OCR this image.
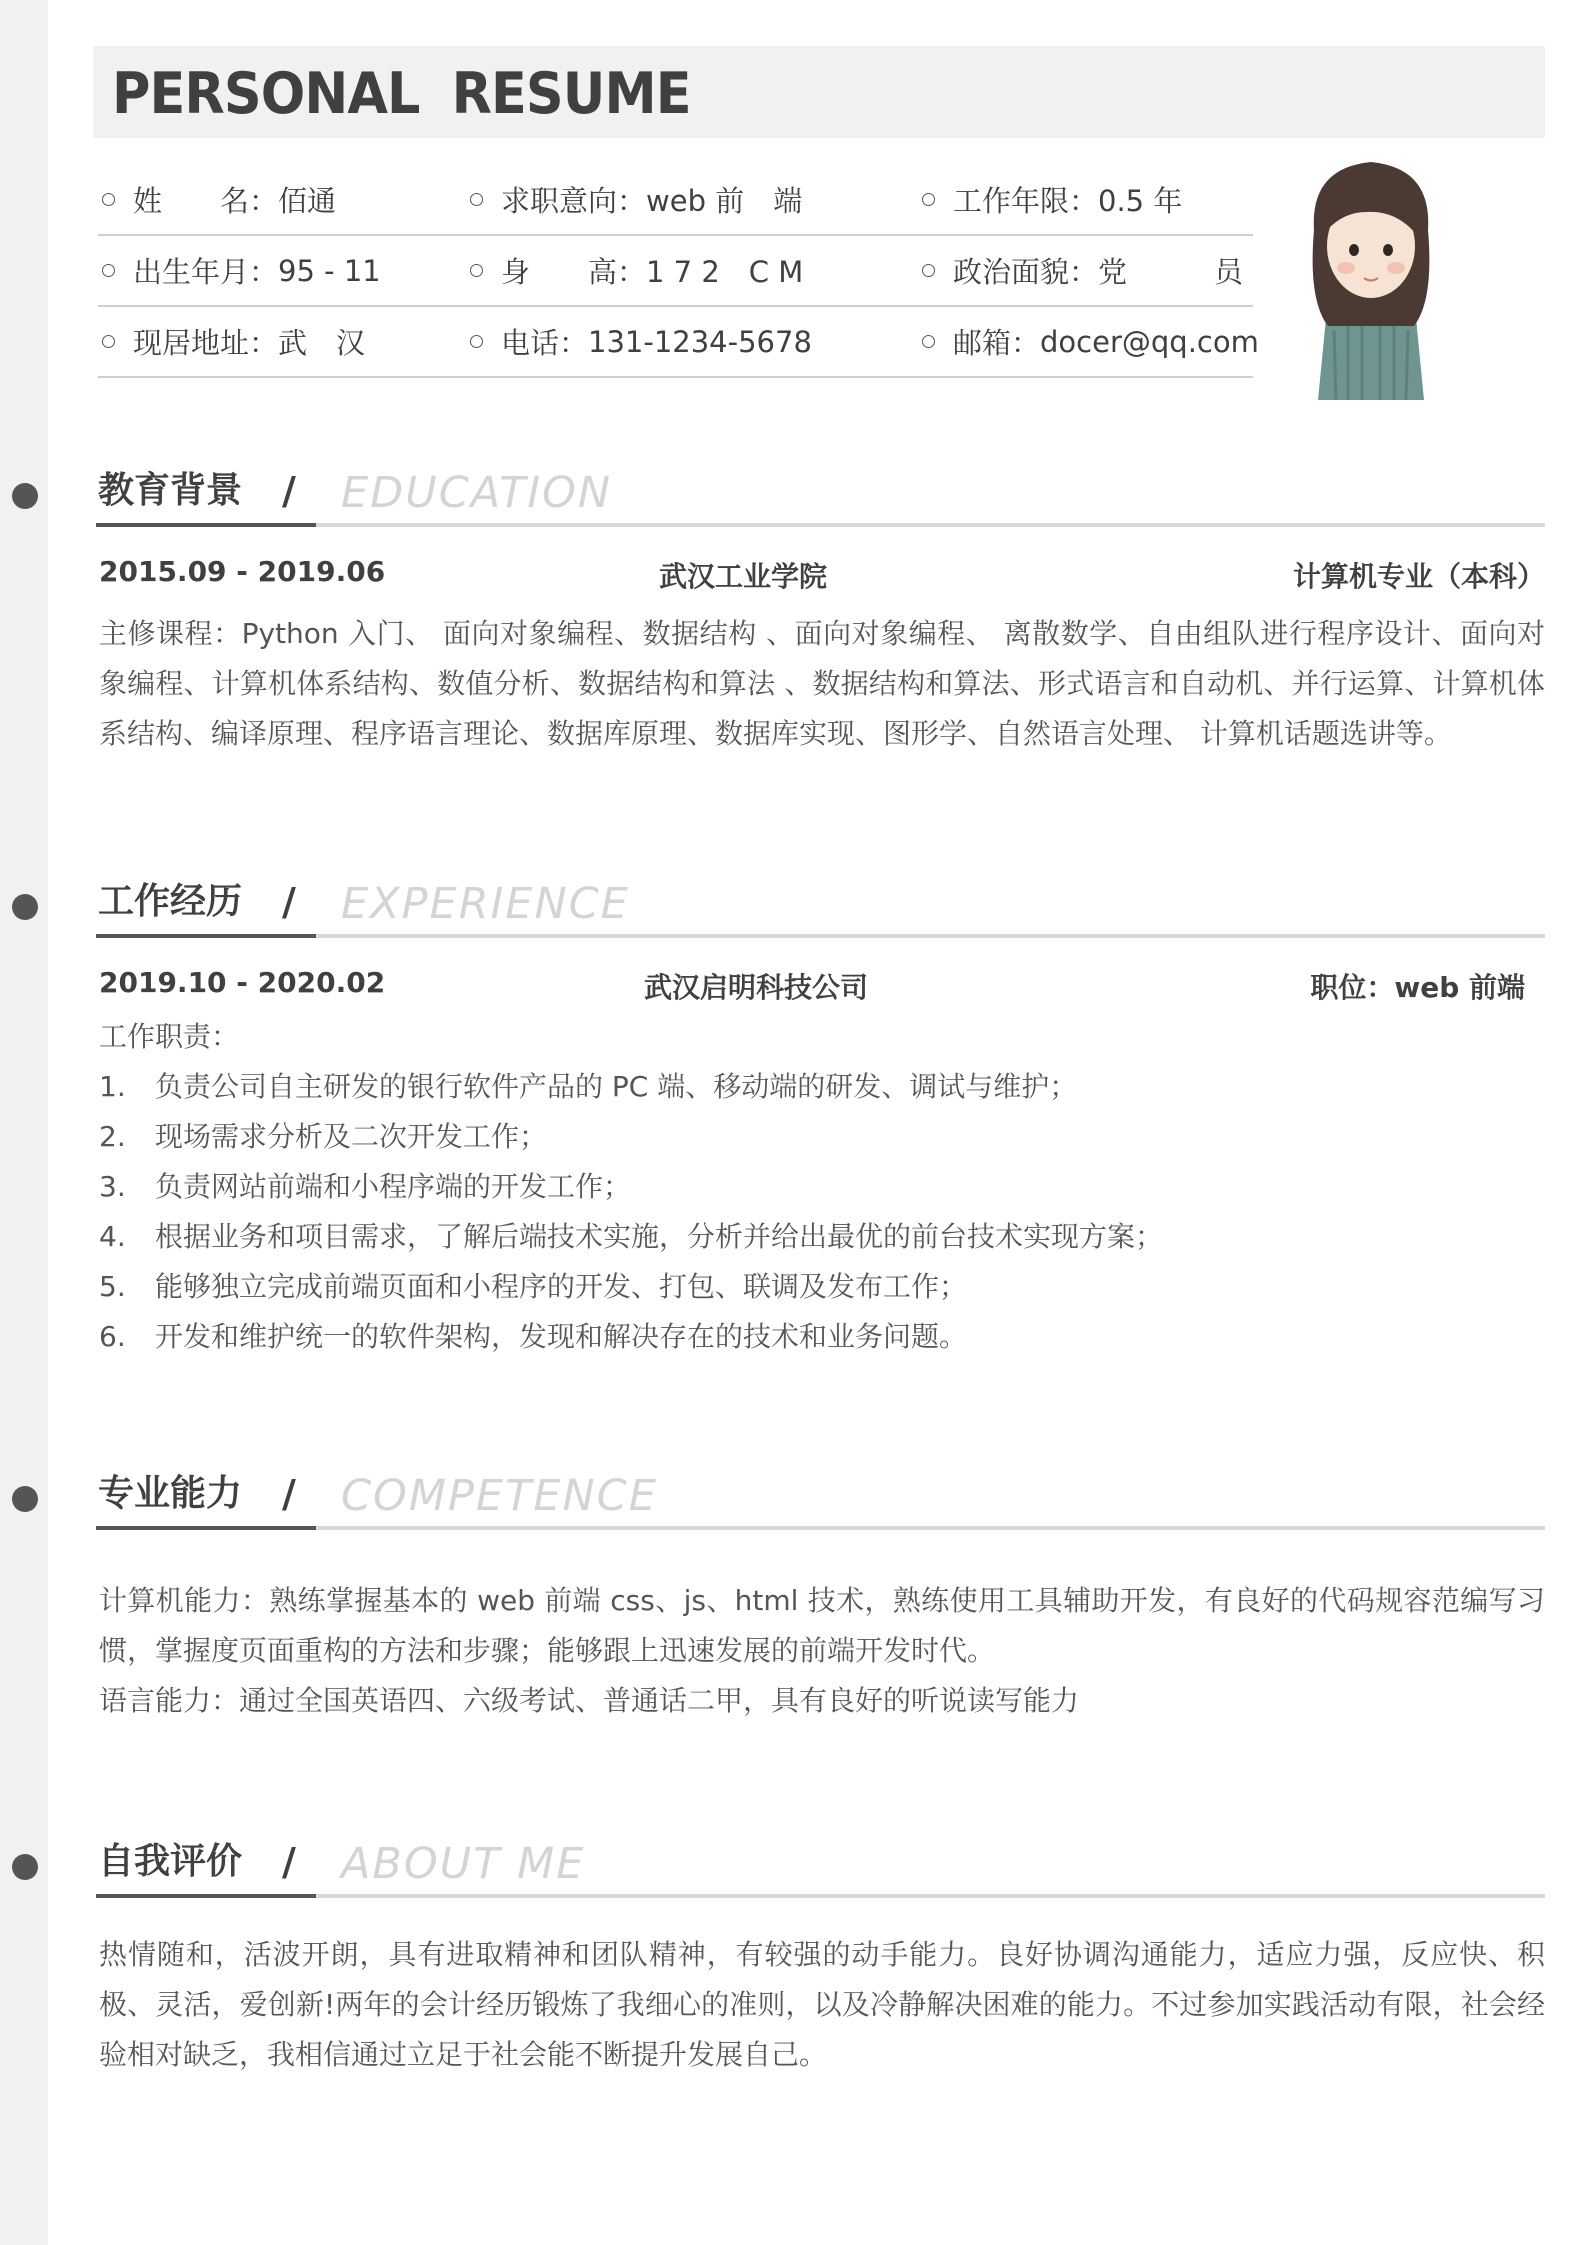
PERSONAL RESUME
姓　　名： 佰通	求职意向： web 前　端	工作年限： 0.5 年
出生年月： 95 - 11	身　　高： 1 7 2　C M	政治面貌： 党　　　员
现居地址： 武　汉	电话： 131-1234-5678	邮箱： docer@qq.com
教育背景 / EDUCATION
2015.09 - 2019.06	武汉工业学院	计算机专业（本科）

主修课程：Python 入门、 面向对象编程、数据结构 、面向对象编程、 离散数学、自由组队进行程序设计、面向对象编程、计算机体系结构、数值分析、数据结构和算法 、数据结构和算法、形式语言和自动机、并行运算、计算机体系结构、编译原理、程序语言理论、数据库原理、数据库实现、图形学、自然语言处理、 计算机话题选讲等。

工作经历 / EXPERIENCE
2019.10 - 2020.02	武汉启明科技公司	职位：web 前端

工作职责：

1. 负责公司自主研发的银行软件产品的 PC 端、移动端的研发、调试与维护；
2. 现场需求分析及二次开发工作；
3. 负责网站前端和小程序端的开发工作；
4. 根据业务和项目需求，了解后端技术实施，分析并给出最优的前台技术实现方案；
5. 能够独立完成前端页面和小程序的开发、打包、联调及发布工作；
6. 开发和维护统一的软件架构，发现和解决存在的技术和业务问题。
专业能力 / COMPETENCE

计算机能力：熟练掌握基本的 web 前端 css、js、html 技术，熟练使用工具辅助开发，有良好的代码规容范编写习惯，掌握度页面重构的方法和步骤；能够跟上迅速发展的前端开发时代。

语言能力：通过全国英语四、六级考试、普通话二甲，具有良好的听说读写能力

自我评价 / ABOUT ME

热情随和，活波开朗，具有进取精神和团队精神，有较强的动手能力。良好协调沟通能力，适应力强，反应快、积极、灵活，爱创新!两年的会计经历锻炼了我细心的准则，以及冷静解决困难的能力。不过参加实践活动有限，社会经验相对缺乏，我相信通过立足于社会能不断提升发展自己。
